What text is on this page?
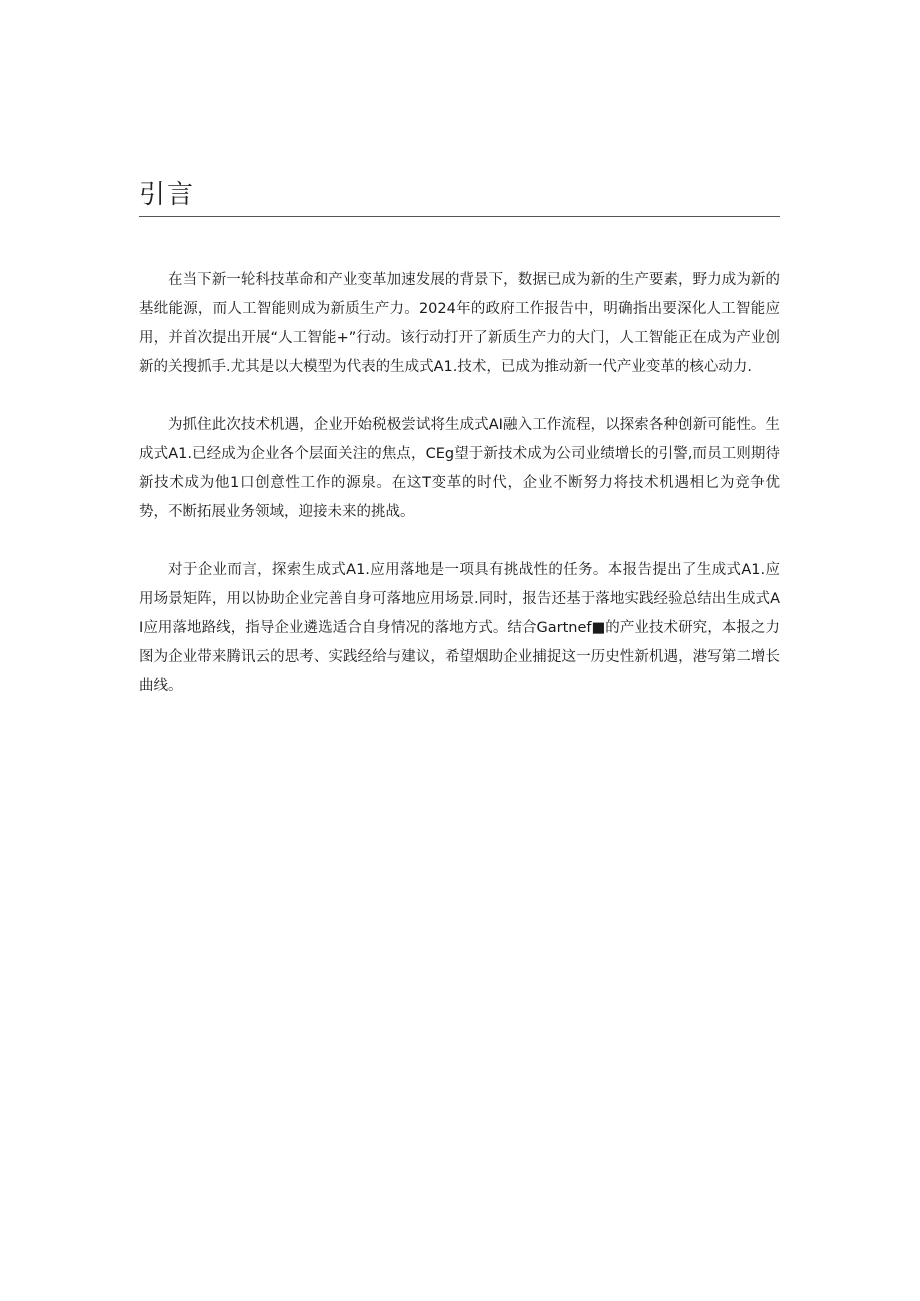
引言

在当下新一轮科技革命和产业变革加速发展的背景下，数据已成为新的生产要素，野力成为新的基纰能源，而人工智能则成为新质生产力。2024年的政府工作报告中，明确指出要深化人工智能应用，并首次提出开展“人工智能+”行动。该行动打开了新质生产力的大门，人工智能正在成为产业创新的关搜抓手.尤其是以大模型为代表的生成式A1.技术，已成为推动新一代产业变革的核心动力.

为抓住此次技术机遇，企业开始税极尝试将生成式AI融入工作流程，以探索各种创新可能性。生成式A1.已经成为企业各个层面关注的焦点，CEg望于新技术成为公司业绩增长的引警,而员工则期待新技术成为他1口创意性工作的源泉。在这T变革的时代，企业不断努力将技术机遇相匕为竞争优势，不断拓展业务领域，迎接未来的挑战。

对于企业而言，探索生成式A1.应用落地是一项具有挑战性的任务。本报告提出了生成式A1.应用场景矩阵，用以协助企业完善自身可落地应用场景.同时，报告还基于落地实践经验总结出生成式AI应用落地路线，指导企业遴选适合自身情况的落地方式。结合Gartnef■的产业技术研究，本报之力图为企业带来腾讯云的思考、实践经给与建议，希望烟助企业捕捉这一历史性新机遇，港写第二增长曲线。
